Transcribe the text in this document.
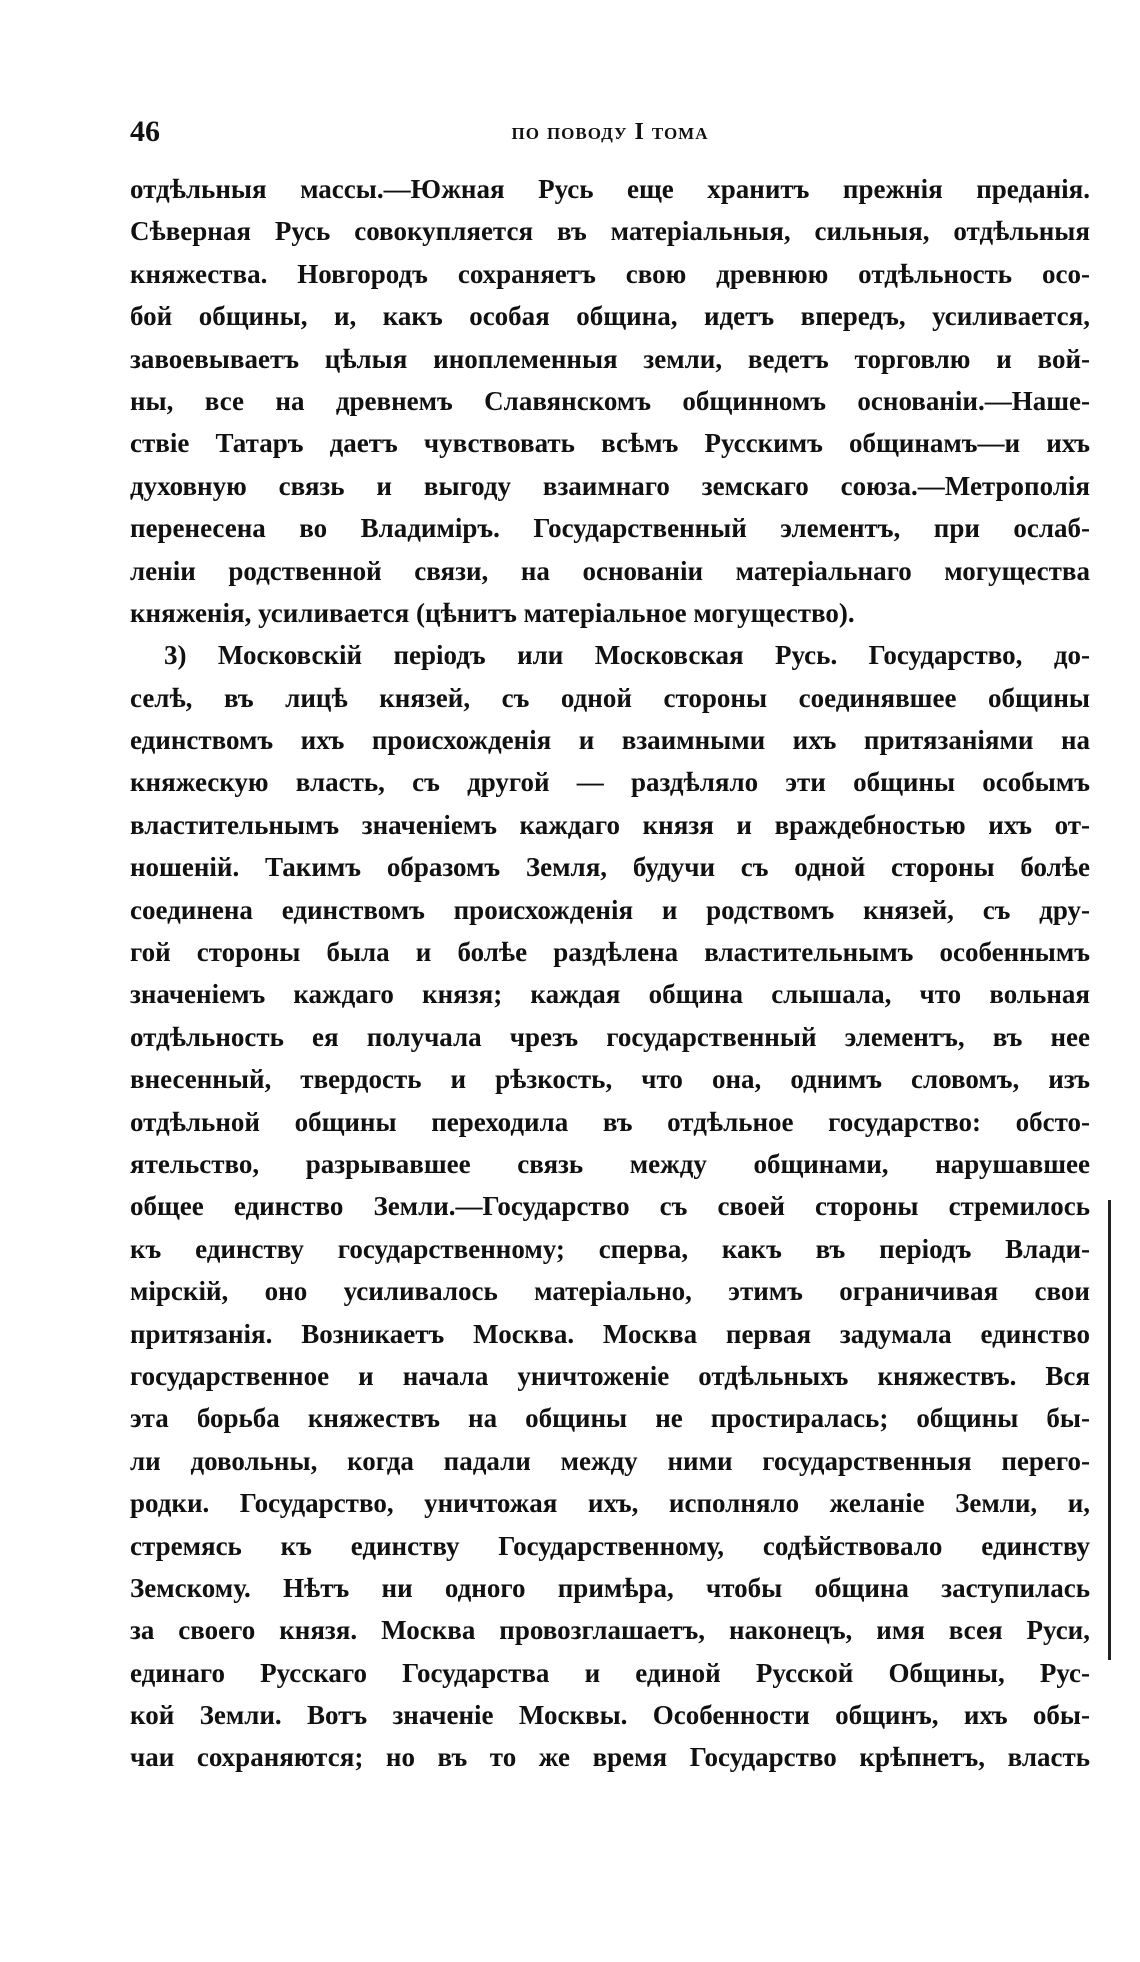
46	по поводу I тома
отдѣльныя массы.—Южная Русь еще хранитъ прежнія преданія.
Сѣверная Русь совокупляется въ матеріальныя, сильныя, отдѣльныя
княжества. Новгородъ сохраняетъ свою древнюю отдѣльность осо-
бой общины, и, какъ особая община, идетъ впередъ, усиливается,
завоевываетъ цѣлыя иноплеменныя земли, ведетъ торговлю и вой-
ны, все на древнемъ Славянскомъ общинномъ основаніи.—Наше-
ствіе Татаръ даетъ чувствовать всѣмъ Русскимъ общинамъ—и ихъ
духовную связь и выгоду взаимнаго земскаго союза.—Метрополія
перенесена во Владиміръ. Государственный элементъ, при ослаб-
леніи родственной связи, на основаніи матеріальнаго могущества
княженія, усиливается (цѣнитъ матеріальное могущество).
3) Московскій періодъ или Московская Русь. Государство, до-
селѣ, въ лицѣ князей, съ одной стороны соединявшее общины
единствомъ ихъ происхожденія и взаимными ихъ притязаніями на
княжескую власть, съ другой — раздѣляло эти общины особымъ
властительнымъ значеніемъ каждаго князя и враждебностью ихъ от-
ношеній. Такимъ образомъ Земля, будучи съ одной стороны болѣе
соединена единствомъ происхожденія и родствомъ князей, съ дру-
гой стороны была и болѣе раздѣлена властительнымъ особеннымъ
значеніемъ каждаго князя; каждая община слышала, что вольная
отдѣльность ея получала чрезъ государственный элементъ, въ нее
внесенный, твердость и рѣзкость, что она, однимъ словомъ, изъ
отдѣльной общины переходила въ отдѣльное государство: обсто-
ятельство, разрывавшее связь между общинами, нарушавшее
общее единство Земли.—Государство съ своей стороны стремилось
къ единству государственному; сперва, какъ въ періодъ Влади-
мірскій, оно усиливалось матеріально, этимъ ограничивая свои
притязанія. Возникаетъ Москва. Москва первая задумала единство
государственное и начала уничтоженіе отдѣльныхъ княжествъ. Вся
эта борьба княжествъ на общины не простиралась; общины бы-
ли довольны, когда падали между ними государственныя перего-
родки. Государство, уничтожая ихъ, исполняло желаніе Земли, и,
стремясь къ единству Государственному, содѣйствовало единству
Земскому. Нѣтъ ни одного примѣра, чтобы община заступилась
за своего князя. Москва провозглашаетъ, наконецъ, имя всея Руси,
единаго Русскаго Государства и единой Русской Общины, Рус-
кой Земли. Вотъ значеніе Москвы. Особенности общинъ, ихъ обы-
чаи сохраняются; но въ то же время Государство крѣпнетъ, власть
